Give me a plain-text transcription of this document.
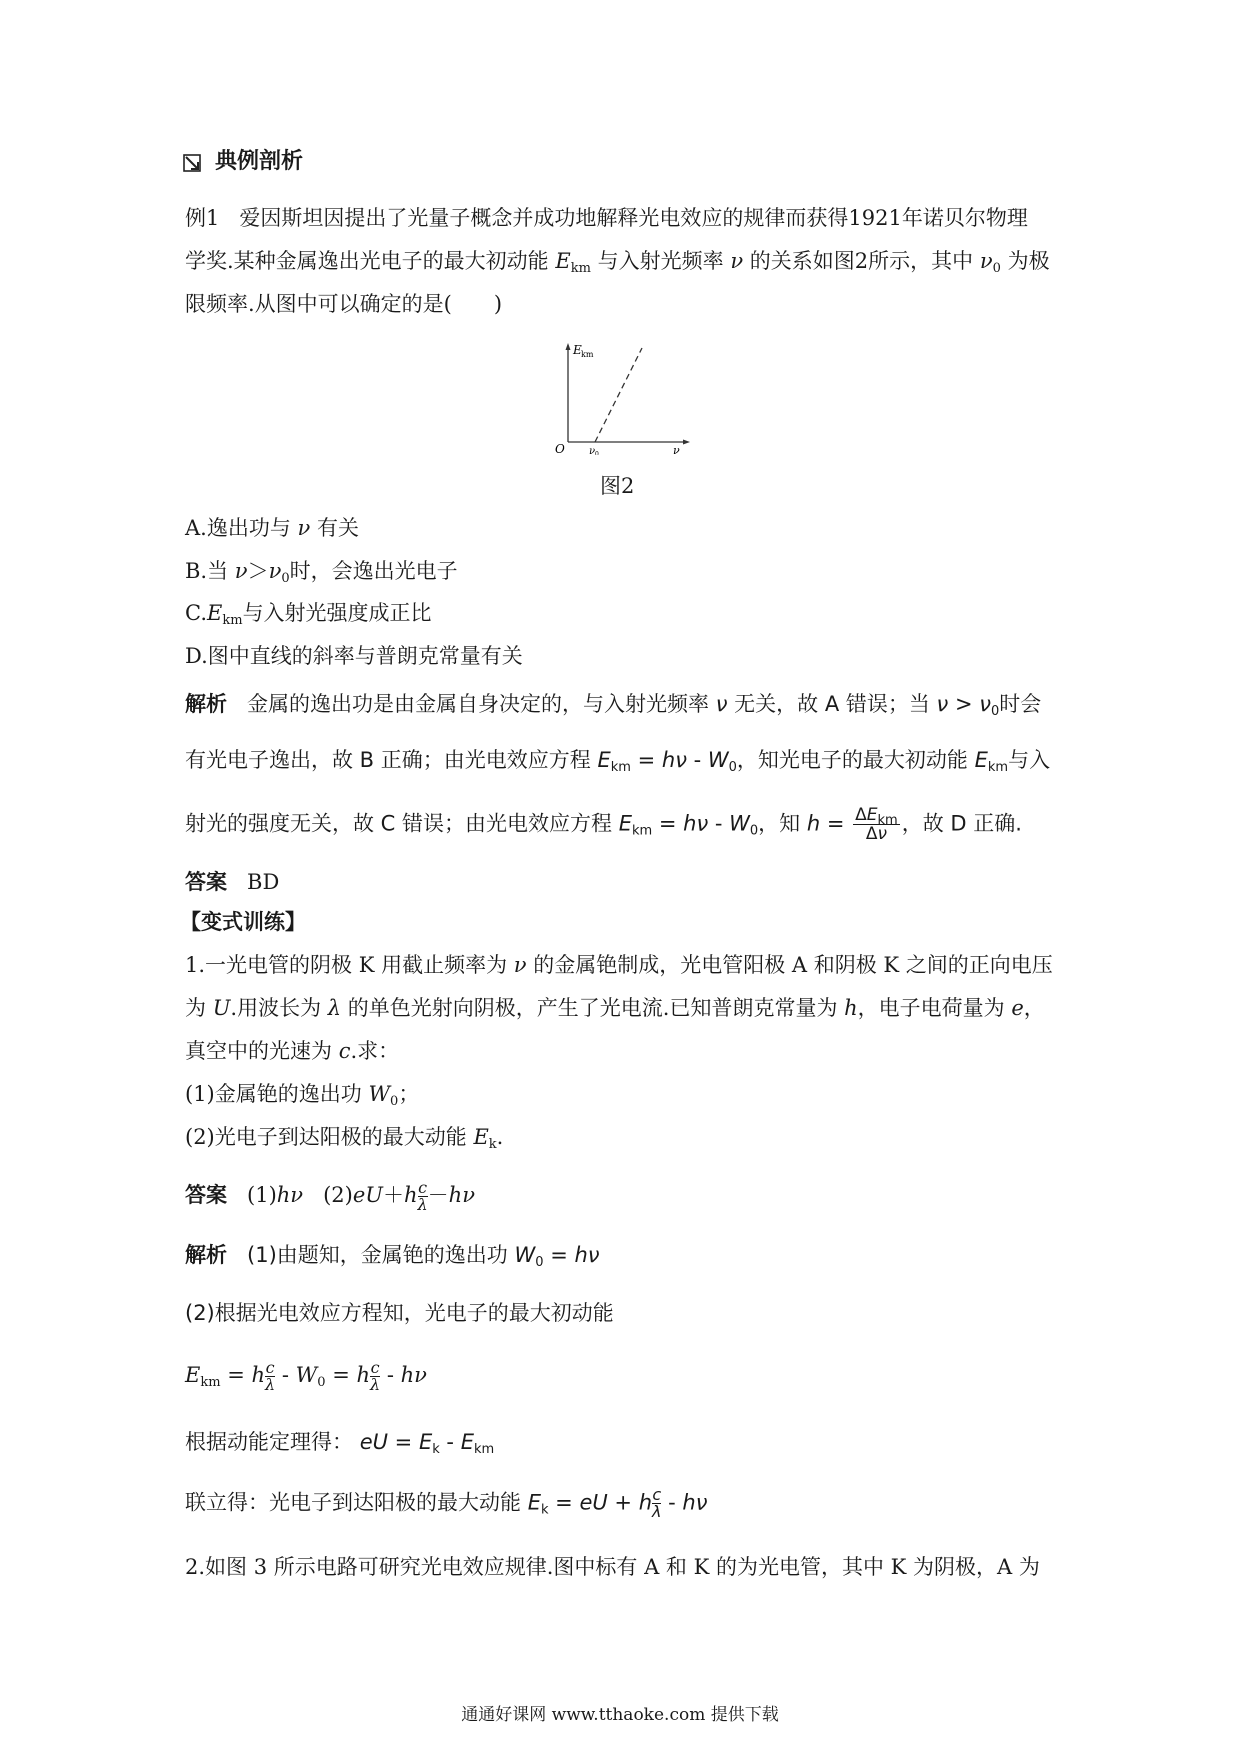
典例剖析
例1 爱因斯坦因提出了光量子概念并成功地解释光电效应的规律而获得1921年诺贝尔物理
学奖.某种金属逸出光电子的最大初动能 $E_{km}$ 与入射光频率 ν 的关系如图2所示，其中 $\nu_0$ 为极
限频率.从图中可以确定的是(　　)
E km
O ν 0	ν
图2
A.逸出功与 ν 有关
B.当 $\nu>\nu_0$时，会逸出光电子
$C.E_{km}$与入射光强度成正比
D.图中直线的斜率与普朗克常量有关
解析 金属的逸出功是由金属自身决定的，与入射光频率 ν 无关，故 A 错误；当 $\nu > \nu_0$时会
有光电子逸出，故 B 正确；由光电效应方程 $E_{km} = h\nu - W_0$，知光电子的最大初动能 $E_{km}$与入
射光的强度无关，故 C 错误；由光电效应方程 $E_{km} = h\nu - W_0$，知 $h = \frac{\Delta E_{km}}{\Delta\nu}$ ，故 D 正确.
答案 BD
【变式训练】
1.一光电管的阴极 K 用截止频率为 ν 的金属铯制成，光电管阳极 A 和阴极 K 之间的正向电压
为 U.用波长为 λ 的单色光射向阴极，产生了光电流.已知普朗克常量为 h，电子电荷量为 e，
真空中的光速为 c.求：
(1)金属铯的逸出功 $W_0$；
(2)光电子到达阳极的最大动能 $E_k$.
答案 (1)hν $(2)eU+h \frac{c}{\lambda} -h\nu$
解析 (1)由题知，金属铯的逸出功 $W_0 = h\nu$
(2)根据光电效应方程知，光电子的最大初动能
$E_{km} = h \frac{c}{\lambda} - W_0 = h \frac{c}{\lambda} - h\nu$
根据动能定理得： eU = $E_k - E_{km}$
联立得：光电子到达阳极的最大动能 $E_k$ = eU + h $\frac{c}{\lambda}$ - hν
2.如图 3 所示电路可研究光电效应规律.图中标有 A 和 K 的为光电管，其中 K 为阴极，A 为
通通好课网 www.tthaoke.com 提供下载
